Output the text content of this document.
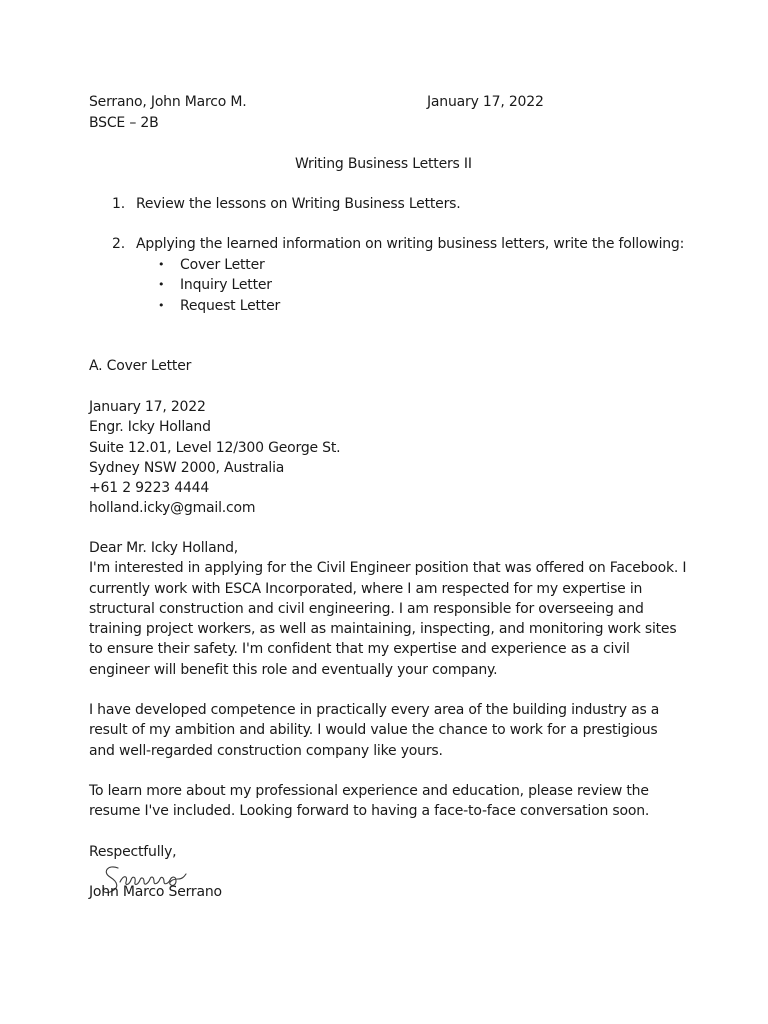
Serrano, John Marco M.	January 17, 2022
BSCE – 2B
Writing Business Letters II
1. Review the lessons on Writing Business Letters.
2. Applying the learned information on writing business letters, write the following:
• Cover Letter
• Inquiry Letter
• Request Letter
A. Cover Letter
January 17, 2022
Engr. Icky Holland
Suite 12.01, Level 12/300 George St.
Sydney NSW 2000, Australia
+61 2 9223 4444
holland.icky@gmail.com
Dear Mr. Icky Holland,
I'm interested in applying for the Civil Engineer position that was offered on Facebook. I
currently work with ESCA Incorporated, where I am respected for my expertise in
structural construction and civil engineering. I am responsible for overseeing and
training project workers, as well as maintaining, inspecting, and monitoring work sites
to ensure their safety. I'm confident that my expertise and experience as a civil
engineer will benefit this role and eventually your company.
I have developed competence in practically every area of the building industry as a
result of my ambition and ability. I would value the chance to work for a prestigious
and well-regarded construction company like yours.
To learn more about my professional experience and education, please review the
resume I've included. Looking forward to having a face-to-face conversation soon.
Respectfully,
John Marco Serrano
